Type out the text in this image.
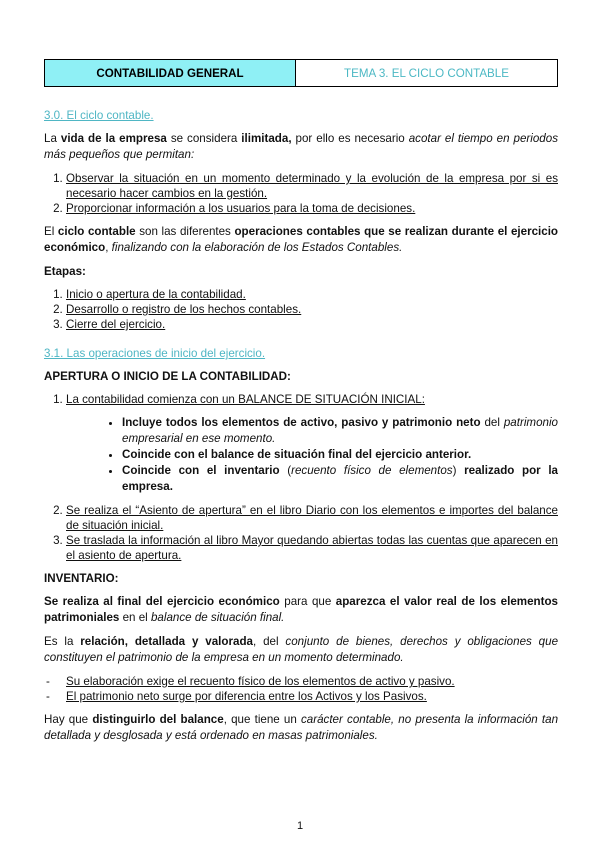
CONTABILIDAD GENERAL	TEMA 3. EL CICLO CONTABLE
3.0. El ciclo contable.

La vida de la empresa se considera ilimitada, por ello es necesario acotar el tiempo en periodos más pequeños que permitan:

1. Observar la situación en un momento determinado y la evolución de la empresa por si es necesario hacer cambios en la gestión.
2. Proporcionar información a los usuarios para la toma de decisiones.

El ciclo contable son las diferentes operaciones contables que se realizan durante el ejercicio económico, finalizando con la elaboración de los Estados Contables.

Etapas:
1. Inicio o apertura de la contabilidad.
2. Desarrollo o registro de los hechos contables.
3. Cierre del ejercicio.
3.1. Las operaciones de inicio del ejercicio.
APERTURA O INICIO DE LA CONTABILIDAD:
1. La contabilidad comienza con un BALANCE DE SITUACIÓN INICIAL:
• Incluye todos los elementos de activo, pasivo y patrimonio neto del patrimonio empresarial en ese momento.
• Coincide con el balance de situación final del ejercicio anterior.
• Coincide con el inventario (recuento físico de elementos) realizado por la empresa.
2. Se realiza el “Asiento de apertura” en el libro Diario con los elementos e importes del balance de situación inicial.
3. Se traslada la información al libro Mayor quedando abiertas todas las cuentas que aparecen en el asiento de apertura.
INVENTARIO:

Se realiza al final del ejercicio económico para que aparezca el valor real de los elementos patrimoniales en el balance de situación final.

Es la relación, detallada y valorada, del conjunto de bienes, derechos y obligaciones que constituyen el patrimonio de la empresa en un momento determinado.

- Su elaboración exige el recuento físico de los elementos de activo y pasivo.
- El patrimonio neto surge por diferencia entre los Activos y los Pasivos.

Hay que distinguirlo del balance, que tiene un carácter contable, no presenta la información tan detallada y desglosada y está ordenado en masas patrimoniales.

1
